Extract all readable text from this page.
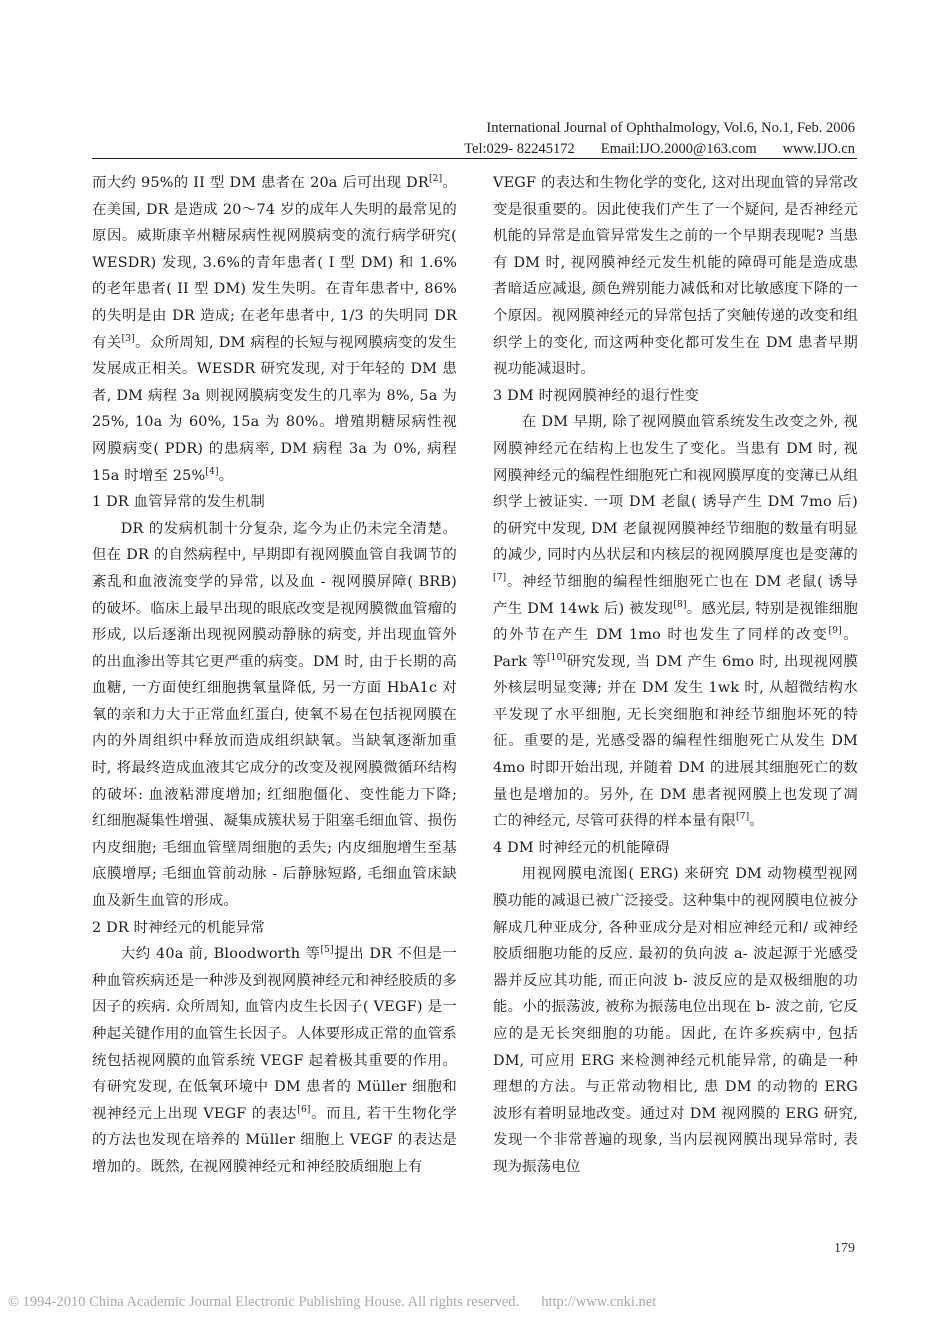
International Journal of Ophthalmology, Vol.6, No.1, Feb. 2006
Tel:029- 82245172 Email:IJO.2000@163.com www.IJO.cn

而大约 95%的 II 型 DM 患者在 20a 后可出现 DR[2]。在美国, DR 是造成 20～74 岁的成年人失明的最常见的原因。威斯康辛州糖尿病性视网膜病变的流行病学研究( WESDR) 发现, 3.6%的青年患者( I 型 DM) 和 1.6%的老年患者( II 型 DM) 发生失明。在青年患者中, 86%的失明是由 DR 造成; 在老年患者中, 1/3 的失明同 DR 有关[3]。众所周知, DM 病程的长短与视网膜病变的发生发展成正相关。WESDR 研究发现, 对于年轻的 DM 患者, DM 病程 3a 则视网膜病变发生的几率为 8%, 5a 为 25%, 10a 为 60%, 15a 为 80%。增殖期糖尿病性视网膜病变( PDR) 的患病率, DM 病程 3a 为 0%, 病程 15a 时增至 25%[4]。

1 DR 血管异常的发生机制

DR 的发病机制十分复杂, 迄今为止仍未完全清楚。但在 DR 的自然病程中, 早期即有视网膜血管自我调节的紊乱和血液流变学的异常, 以及血 - 视网膜屏障( BRB) 的破坏。临床上最早出现的眼底改变是视网膜微血管瘤的形成, 以后逐渐出现视网膜动静脉的病变, 并出现血管外的出血渗出等其它更严重的病变。DM 时, 由于长期的高血糖, 一方面使红细胞携氧量降低, 另一方面 HbA1c 对氧的亲和力大于正常血红蛋白, 使氧不易在包括视网膜在内的外周组织中释放而造成组织缺氧。当缺氧逐渐加重时, 将最终造成血液其它成分的改变及视网膜微循环结构的破坏: 血液粘滞度增加; 红细胞僵化、变性能力下降; 红细胞凝集性增强、凝集成簇状易于阻塞毛细血管、损伤内皮细胞; 毛细血管壁周细胞的丢失; 内皮细胞增生至基底膜增厚; 毛细血管前动脉 - 后静脉短路, 毛细血管床缺血及新生血管的形成。

2 DR 时神经元的机能异常

大约 40a 前, Bloodworth 等[5]提出 DR 不但是一种血管疾病还是一种涉及到视网膜神经元和神经胶质的多因子的疾病. 众所周知, 血管内皮生长因子( VEGF) 是一种起关键作用的血管生长因子。人体要形成正常的血管系统包括视网膜的血管系统 VEGF 起着极其重要的作用。有研究发现, 在低氧环境中 DM 患者的 Müller 细胞和视神经元上出现 VEGF 的表达[6]。而且, 若干生物化学的方法也发现在培养的 Müller 细胞上 VEGF 的表达是增加的。既然, 在视网膜神经元和神经胶质细胞上有

VEGF 的表达和生物化学的变化, 这对出现血管的异常改变是很重要的。因此使我们产生了一个疑问, 是否神经元机能的异常是血管异常发生之前的一个早期表现呢? 当患有 DM 时, 视网膜神经元发生机能的障碍可能是造成患者暗适应减退, 颜色辨别能力减低和对比敏感度下降的一个原因。视网膜神经元的异常包括了突触传递的改变和组织学上的变化, 而这两种变化都可发生在 DM 患者早期视功能减退时。

3 DM 时视网膜神经的退行性变

在 DM 早期, 除了视网膜血管系统发生改变之外, 视网膜神经元在结构上也发生了变化。当患有 DM 时, 视网膜神经元的编程性细胞死亡和视网膜厚度的变薄已从组织学上被证实. 一项 DM 老鼠( 诱导产生 DM 7mo 后) 的研究中发现, DM 老鼠视网膜神经节细胞的数量有明显的减少, 同时内丛状层和内核层的视网膜厚度也是变薄的[7]。神经节细胞的编程性细胞死亡也在 DM 老鼠( 诱导产生 DM 14wk 后) 被发现[8]。感光层, 特别是视锥细胞的外节在产生 DM 1mo 时也发生了同样的改变[9]。Park 等[10]研究发现, 当 DM 产生 6mo 时, 出现视网膜外核层明显变薄; 并在 DM 发生 1wk 时, 从超微结构水平发现了水平细胞, 无长突细胞和神经节细胞坏死的特征。重要的是, 光感受器的编程性细胞死亡从发生 DM 4mo 时即开始出现, 并随着 DM 的进展其细胞死亡的数量也是增加的。另外, 在 DM 患者视网膜上也发现了凋亡的神经元, 尽管可获得的样本量有限[7]。

4 DM 时神经元的机能障碍

用视网膜电流图( ERG) 来研究 DM 动物模型视网膜功能的减退已被广泛接受。这种集中的视网膜电位被分解成几种亚成分, 各种亚成分是对相应神经元和/ 或神经胶质细胞功能的反应. 最初的负向波 a- 波起源于光感受器并反应其功能, 而正向波 b- 波反应的是双极细胞的功能。小的振荡波, 被称为振荡电位出现在 b- 波之前, 它反应的是无长突细胞的功能。因此, 在许多疾病中, 包括 DM, 可应用 ERG 来检测神经元机能异常, 的确是一种理想的方法。与正常动物相比, 患 DM 的动物的 ERG 波形有着明显地改变。通过对 DM 视网膜的 ERG 研究, 发现一个非常普遍的现象, 当内层视网膜出现异常时, 表现为振荡电位

179
© 1994-2010 China Academic Journal Electronic Publishing House. All rights reserved. http://www.cnki.net
